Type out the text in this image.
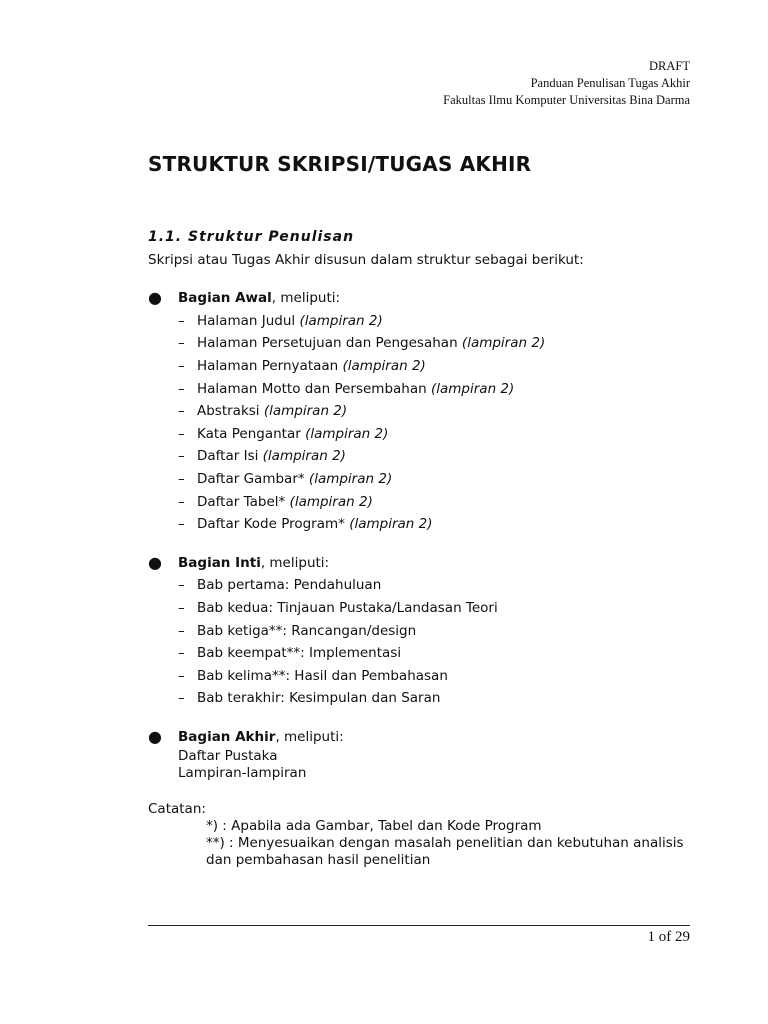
DRAFT
Panduan Penulisan Tugas Akhir
Fakultas Ilmu Komputer Universitas Bina Darma
STRUKTUR SKRIPSI/TUGAS AKHIR

1.1. Struktur Penulisan

Skripsi atau Tugas Akhir disusun dalam struktur sebagai berikut:

● Bagian Awal, meliputi:
– Halaman Judul (lampiran 2)
– Halaman Persetujuan dan Pengesahan (lampiran 2)
– Halaman Pernyataan (lampiran 2)
– Halaman Motto dan Persembahan (lampiran 2)
– Abstraksi (lampiran 2)
– Kata Pengantar (lampiran 2)
– Daftar Isi (lampiran 2)
– Daftar Gambar* (lampiran 2)
– Daftar Tabel* (lampiran 2)
– Daftar Kode Program* (lampiran 2)
● Bagian Inti, meliputi:
– Bab pertama: Pendahuluan
– Bab kedua: Tinjauan Pustaka/Landasan Teori
– Bab ketiga**: Rancangan/design
– Bab keempat**: Implementasi
– Bab kelima**: Hasil dan Pembahasan
– Bab terakhir: Kesimpulan dan Saran
● Bagian Akhir, meliputi:
Daftar Pustaka
Lampiran-lampiran
Catatan:
*) : Apabila ada Gambar, Tabel dan Kode Program
**) : Menyesuaikan dengan masalah penelitian dan kebutuhan analisis
dan pembahasan hasil penelitian
1 of 29
